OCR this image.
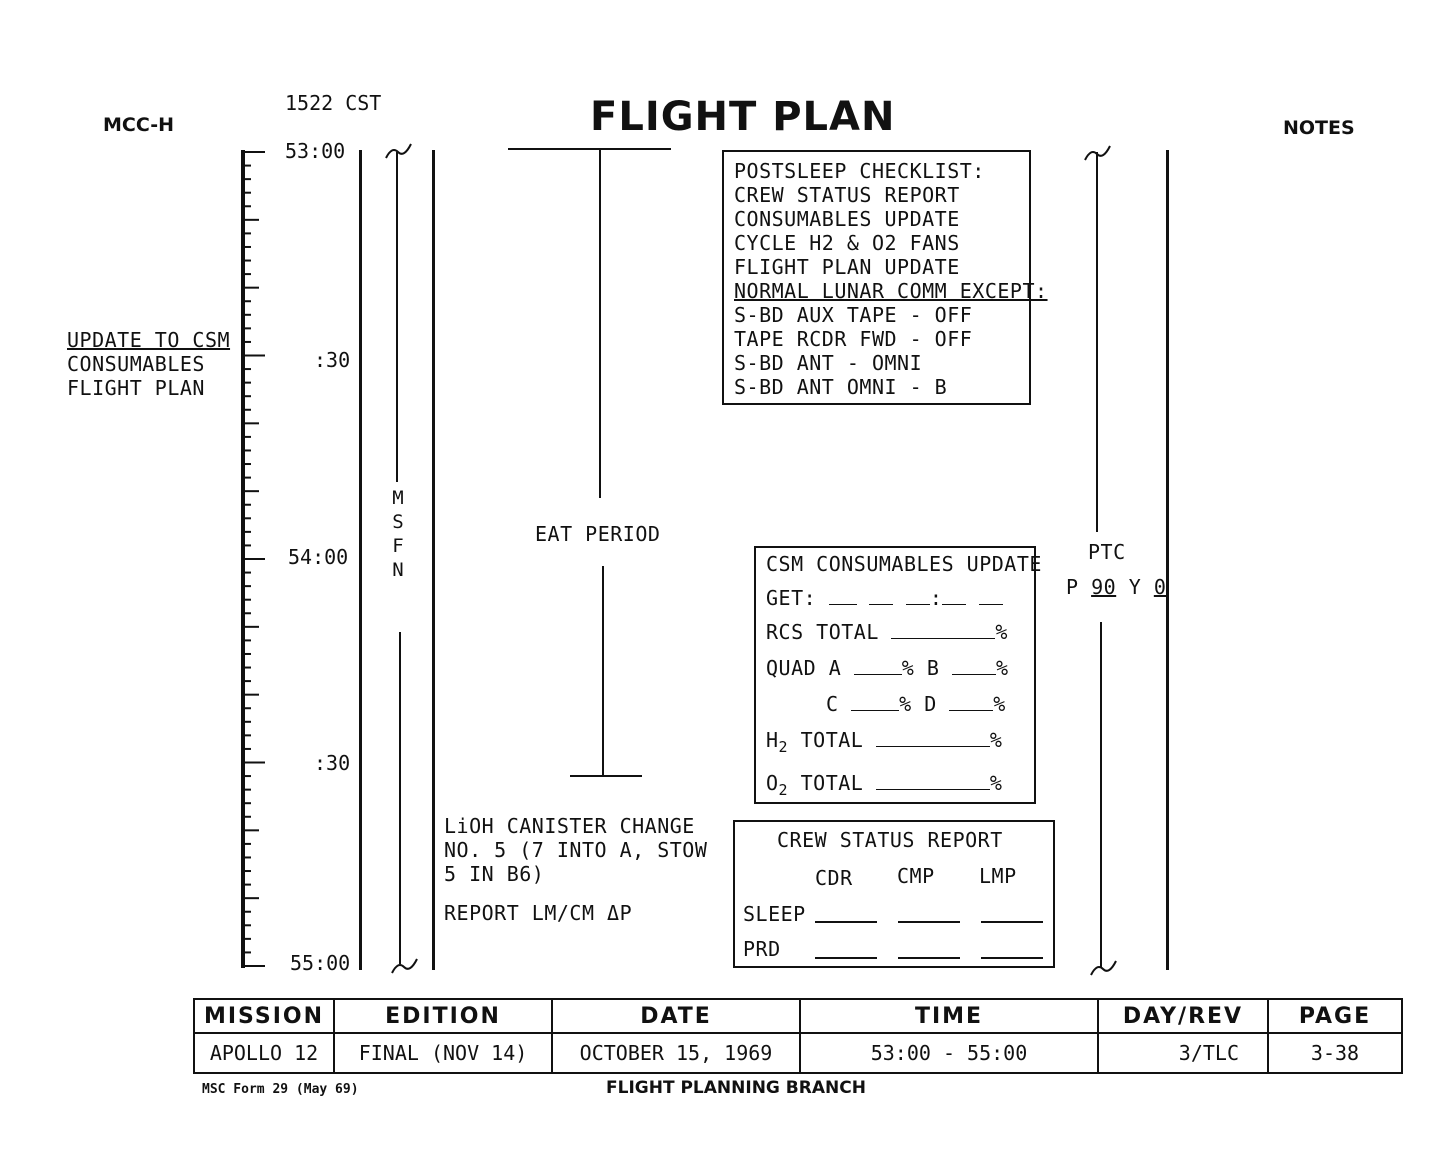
MCC-H
1522 CST	FLIGHT PLAN	NOTES
53:00
:30
54:00
:30
55:00
UPDATE TO CSM
CONSUMABLES
FLIGHT PLAN
M
S
F
N
EAT PERIOD
POSTSLEEP CHECKLIST:
CREW STATUS REPORT
CONSUMABLES UPDATE
CYCLE H2 & O2 FANS
FLIGHT PLAN UPDATE
NORMAL LUNAR COMM EXCEPT:
S-BD AUX TAPE - OFF
TAPE RCDR FWD - OFF
S-BD ANT - OMNI
S-BD ANT OMNI - B
PTC
P 90 Y 0
CSM CONSUMABLES UPDATE
GET:	:
RCS TOTAL	%
QUAD A	% B	%
C	% D	%
$H_2$ TOTAL	%
$O_2$ TOTAL	%
LiOH CANISTER CHANGE
NO. 5 (7 INTO A, STOW
5 IN B6)
REPORT LM/CM ΔP
CREW STATUS REPORT
CDR CMP LMP
SLEEP
PRD
MISSION	EDITION	DATE	TIME	DAY/REV	PAGE
APOLLO 12	FINAL (NOV 14)	OCTOBER 15, 1969	53:00 - 55:00	3/TLC	3-38
MSC Form 29 (May 69)	FLIGHT PLANNING BRANCH
